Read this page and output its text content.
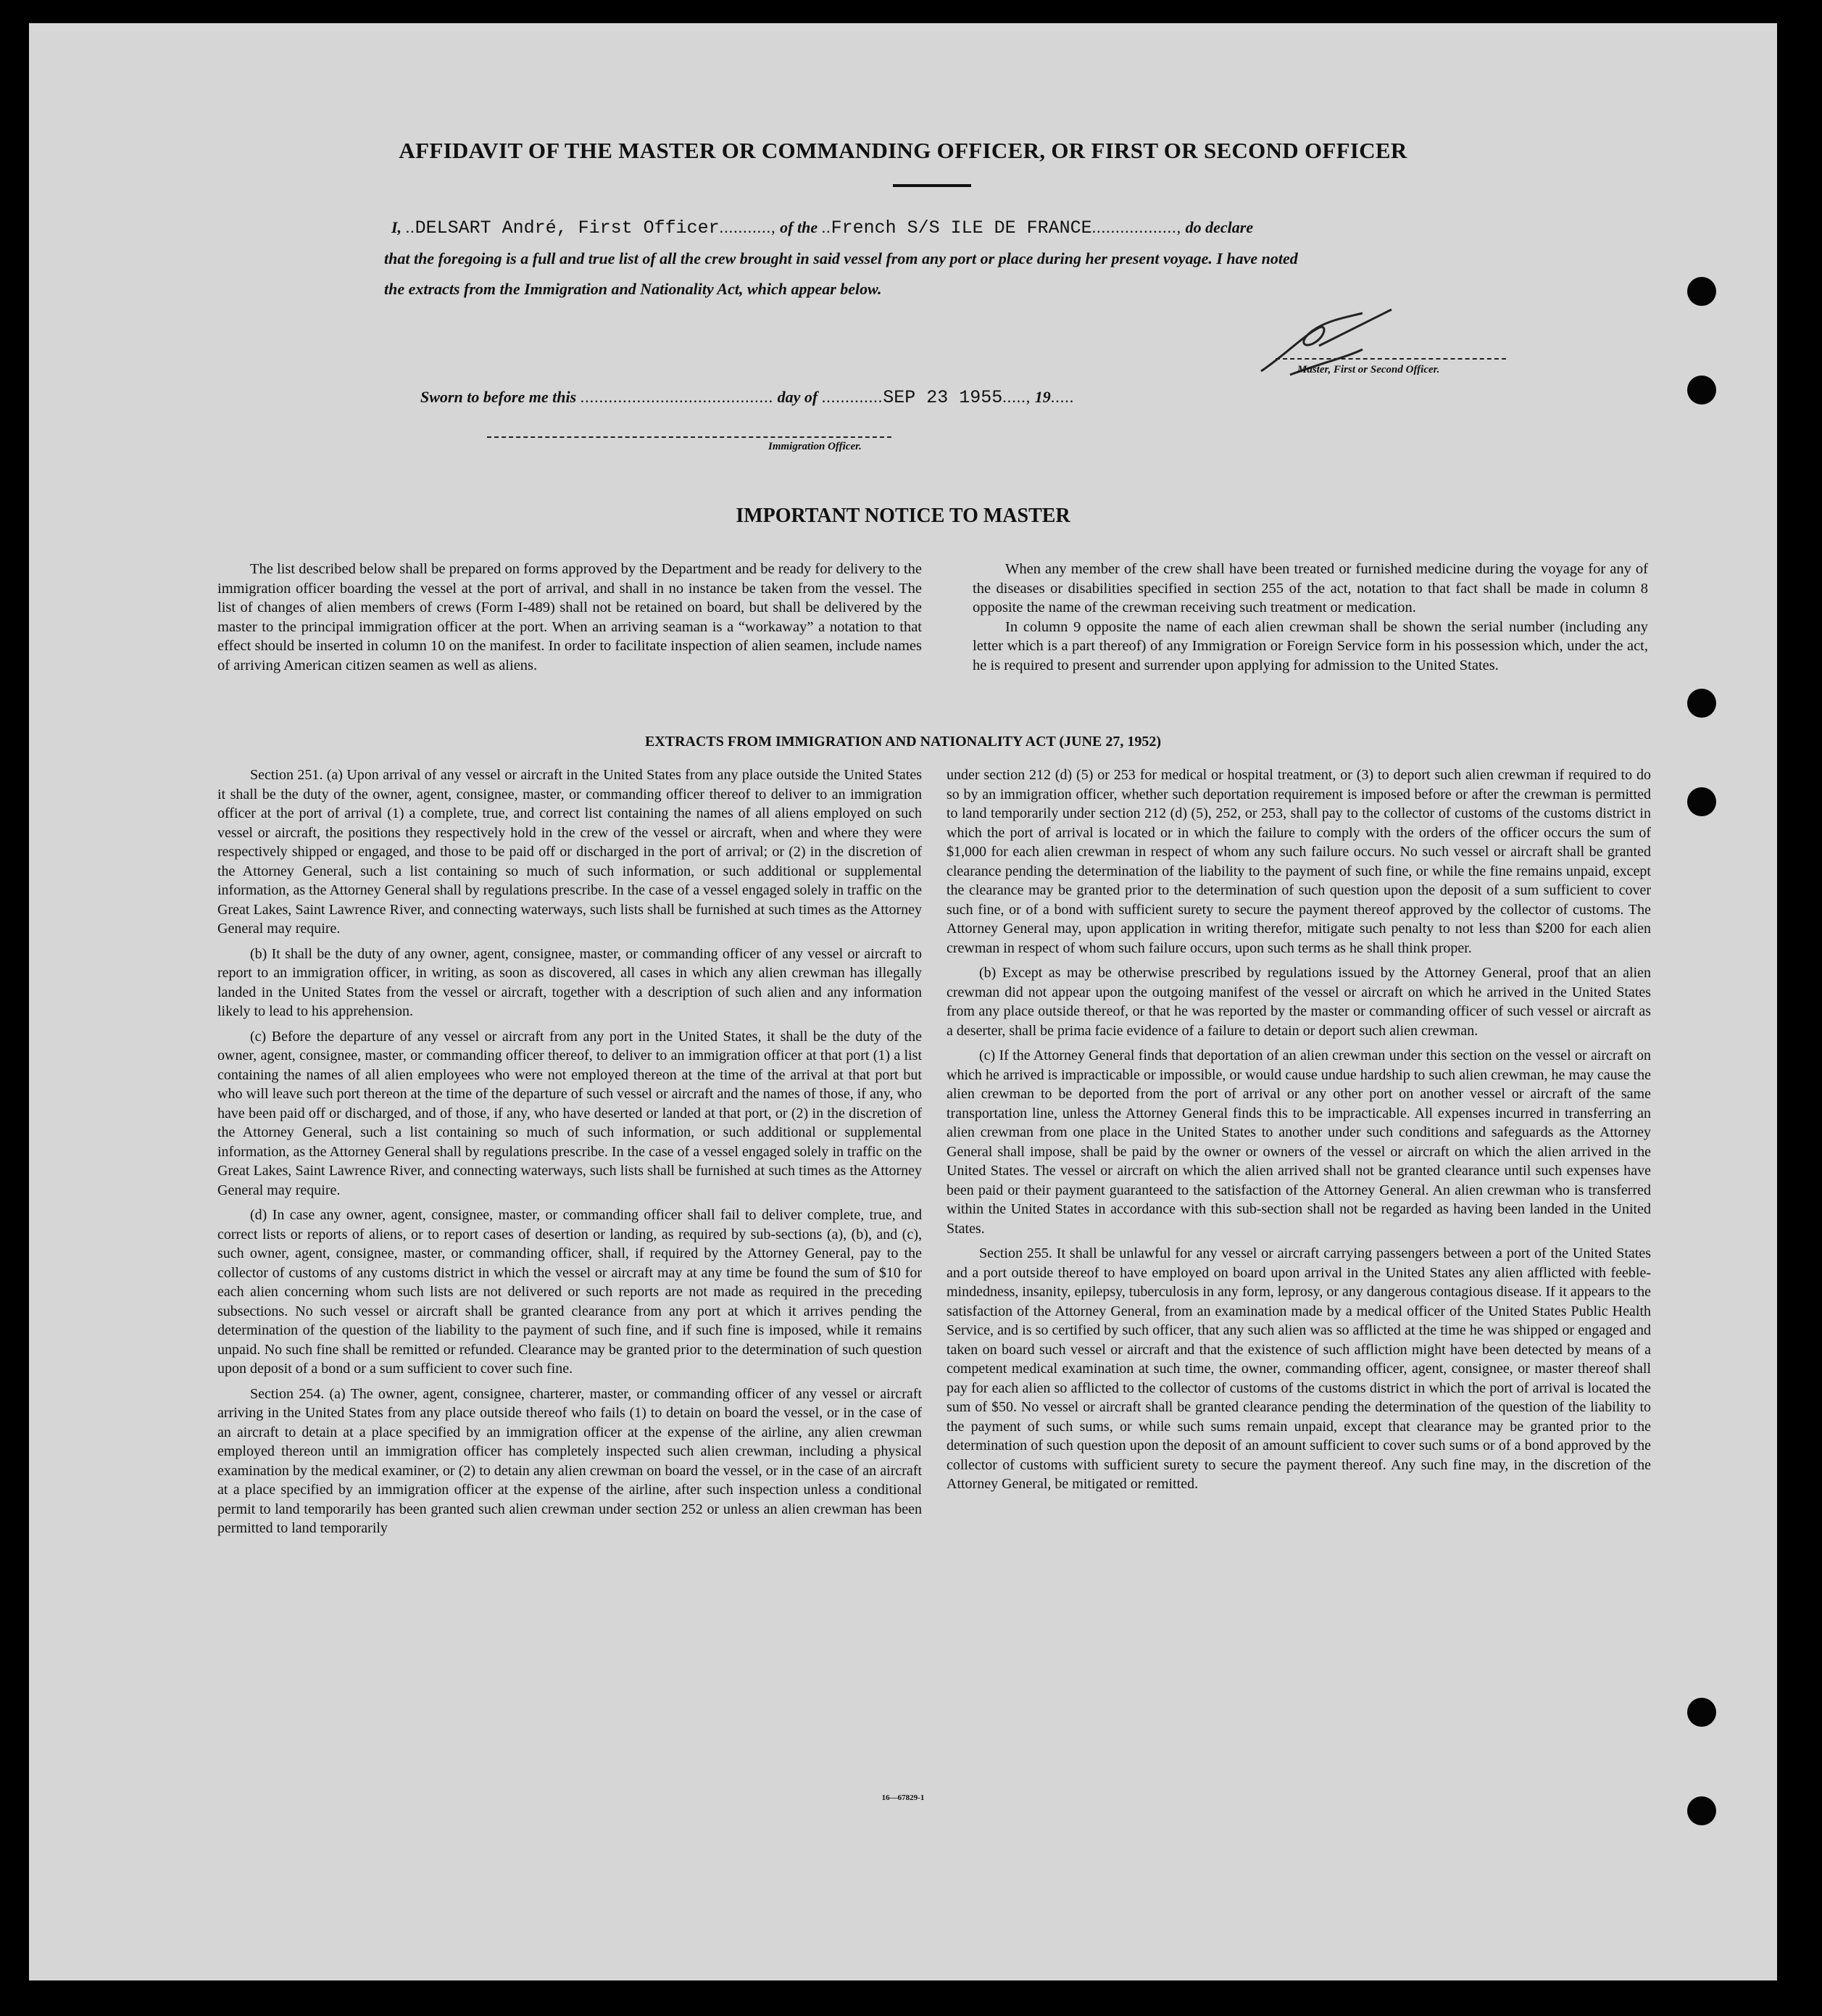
AFFIDAVIT OF THE MASTER OR COMMANDING OFFICER, OR FIRST OR SECOND OFFICER
I, ..DELSART André, First Officer..........., of the ..French S/S ILE DE FRANCE.................., do declare
that the foregoing is a full and true list of all the crew brought in said vessel from any port or place during her present voyage. I have noted
the extracts from the Immigration and Nationality Act, which appear below.
Master, First or Second Officer.
Sworn to before me this ......................................... day of .............SEP 23 1955....., 19.....
Immigration Officer.
IMPORTANT NOTICE TO MASTER

The list described below shall be prepared on forms approved by the Department and be ready for delivery to the immigration officer boarding the vessel at the port of arrival, and shall in no instance be taken from the vessel. The list of changes of alien members of crews (Form I-489) shall not be retained on board, but shall be delivered by the master to the principal immigration officer at the port. When an arriving seaman is a “workaway” a notation to that effect should be inserted in column 10 on the manifest. In order to facilitate inspection of alien seamen, include names of arriving American citizen seamen as well as aliens.

When any member of the crew shall have been treated or furnished medicine during the voyage for any of the diseases or disabilities specified in section 255 of the act, notation to that fact shall be made in column 8 opposite the name of the crewman receiving such treatment or medication.

In column 9 opposite the name of each alien crewman shall be shown the serial number (including any letter which is a part thereof) of any Immigration or Foreign Service form in his possession which, under the act, he is required to present and surrender upon applying for admission to the United States.

EXTRACTS FROM IMMIGRATION AND NATIONALITY ACT (JUNE 27, 1952)

Section 251. (a) Upon arrival of any vessel or aircraft in the United States from any place outside the United States it shall be the duty of the owner, agent, consignee, master, or commanding officer thereof to deliver to an immigration officer at the port of arrival (1) a complete, true, and correct list containing the names of all aliens employed on such vessel or aircraft, the positions they respectively hold in the crew of the vessel or aircraft, when and where they were respectively shipped or engaged, and those to be paid off or discharged in the port of arrival; or (2) in the discretion of the Attorney General, such a list containing so much of such information, or such additional or supplemental information, as the Attorney General shall by regulations prescribe. In the case of a vessel engaged solely in traffic on the Great Lakes, Saint Lawrence River, and connecting waterways, such lists shall be furnished at such times as the Attorney General may require.

(b) It shall be the duty of any owner, agent, consignee, master, or commanding officer of any vessel or aircraft to report to an immigration officer, in writing, as soon as discovered, all cases in which any alien crewman has illegally landed in the United States from the vessel or aircraft, together with a description of such alien and any information likely to lead to his apprehension.

(c) Before the departure of any vessel or aircraft from any port in the United States, it shall be the duty of the owner, agent, consignee, master, or commanding officer thereof, to deliver to an immigration officer at that port (1) a list containing the names of all alien employees who were not employed thereon at the time of the arrival at that port but who will leave such port thereon at the time of the departure of such vessel or aircraft and the names of those, if any, who have been paid off or discharged, and of those, if any, who have deserted or landed at that port, or (2) in the discretion of the Attorney General, such a list containing so much of such information, or such additional or supplemental information, as the Attorney General shall by regulations prescribe. In the case of a vessel engaged solely in traffic on the Great Lakes, Saint Lawrence River, and connecting waterways, such lists shall be furnished at such times as the Attorney General may require.

(d) In case any owner, agent, consignee, master, or commanding officer shall fail to deliver complete, true, and correct lists or reports of aliens, or to report cases of desertion or landing, as required by sub-sections (a), (b), and (c), such owner, agent, consignee, master, or commanding officer, shall, if required by the Attorney General, pay to the collector of customs of any customs district in which the vessel or aircraft may at any time be found the sum of $10 for each alien concerning whom such lists are not delivered or such reports are not made as required in the preceding subsections. No such vessel or aircraft shall be granted clearance from any port at which it arrives pending the determination of the question of the liability to the payment of such fine, and if such fine is imposed, while it remains unpaid. No such fine shall be remitted or refunded. Clearance may be granted prior to the determination of such question upon deposit of a bond or a sum sufficient to cover such fine.

Section 254. (a) The owner, agent, consignee, charterer, master, or commanding officer of any vessel or aircraft arriving in the United States from any place outside thereof who fails (1) to detain on board the vessel, or in the case of an aircraft to detain at a place specified by an immigration officer at the expense of the airline, any alien crewman employed thereon until an immigration officer has completely inspected such alien crewman, including a physical examination by the medical examiner, or (2) to detain any alien crewman on board the vessel, or in the case of an aircraft at a place specified by an immigration officer at the expense of the airline, after such inspection unless a conditional permit to land temporarily has been granted such alien crewman under section 252 or unless an alien crewman has been permitted to land temporarily

under section 212 (d) (5) or 253 for medical or hospital treatment, or (3) to deport such alien crewman if required to do so by an immigration officer, whether such deportation requirement is imposed before or after the crewman is permitted to land temporarily under section 212 (d) (5), 252, or 253, shall pay to the collector of customs of the customs district in which the port of arrival is located or in which the failure to comply with the orders of the officer occurs the sum of $1,000 for each alien crewman in respect of whom any such failure occurs. No such vessel or aircraft shall be granted clearance pending the determination of the liability to the payment of such fine, or while the fine remains unpaid, except the clearance may be granted prior to the determination of such question upon the deposit of a sum sufficient to cover such fine, or of a bond with sufficient surety to secure the payment thereof approved by the collector of customs. The Attorney General may, upon application in writing therefor, mitigate such penalty to not less than $200 for each alien crewman in respect of whom such failure occurs, upon such terms as he shall think proper.

(b) Except as may be otherwise prescribed by regulations issued by the Attorney General, proof that an alien crewman did not appear upon the outgoing manifest of the vessel or aircraft on which he arrived in the United States from any place outside thereof, or that he was reported by the master or commanding officer of such vessel or aircraft as a deserter, shall be prima facie evidence of a failure to detain or deport such alien crewman.

(c) If the Attorney General finds that deportation of an alien crewman under this section on the vessel or aircraft on which he arrived is impracticable or impossible, or would cause undue hardship to such alien crewman, he may cause the alien crewman to be deported from the port of arrival or any other port on another vessel or aircraft of the same transportation line, unless the Attorney General finds this to be impracticable. All expenses incurred in transferring an alien crewman from one place in the United States to another under such conditions and safeguards as the Attorney General shall impose, shall be paid by the owner or owners of the vessel or aircraft on which the alien arrived in the United States. The vessel or aircraft on which the alien arrived shall not be granted clearance until such expenses have been paid or their payment guaranteed to the satisfaction of the Attorney General. An alien crewman who is transferred within the United States in accordance with this sub-section shall not be regarded as having been landed in the United States.

Section 255. It shall be unlawful for any vessel or aircraft carrying passengers between a port of the United States and a port outside thereof to have employed on board upon arrival in the United States any alien afflicted with feeble-mindedness, insanity, epilepsy, tuberculosis in any form, leprosy, or any dangerous contagious disease. If it appears to the satisfaction of the Attorney General, from an examination made by a medical officer of the United States Public Health Service, and is so certified by such officer, that any such alien was so afflicted at the time he was shipped or engaged and taken on board such vessel or aircraft and that the existence of such affliction might have been detected by means of a competent medical examination at such time, the owner, commanding officer, agent, consignee, or master thereof shall pay for each alien so afflicted to the collector of customs of the customs district in which the port of arrival is located the sum of $50. No vessel or aircraft shall be granted clearance pending the determination of the question of the liability to the payment of such sums, or while such sums remain unpaid, except that clearance may be granted prior to the determination of such question upon the deposit of an amount sufficient to cover such sums or of a bond approved by the collector of customs with sufficient surety to secure the payment thereof. Any such fine may, in the discretion of the Attorney General, be mitigated or remitted.

16—67829-1
